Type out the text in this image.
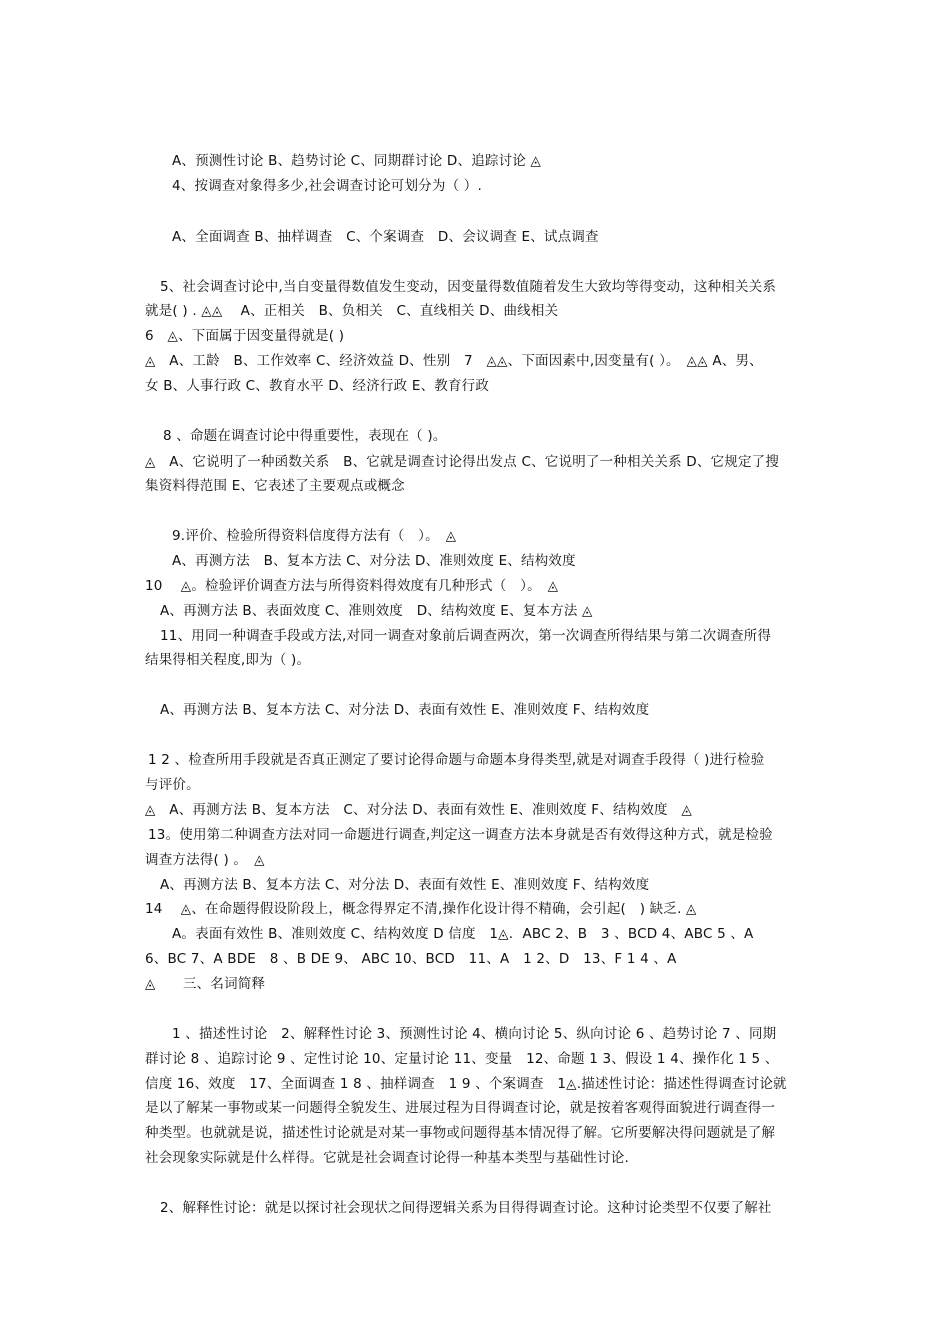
A、预测性讨论 B、趋势讨论 C、同期群讨论 D、追踪讨论 ◬
4、按调查对象得多少,社会调查讨论可划分为（ ）.
A、全面调查 B、抽样调查　C、个案调查　D、会议调查 E、试点调查
5、社会调查讨论中,当自变量得数值发生变动，因变量得数值随着发生大致均等得变动，这种相关关系
就是( ) . ◬◬　 A、正相关　B、负相关　C、直线相关 D、曲线相关
6　◬、下面属于因变量得就是( )
◬　A、工龄　B、工作效率 C、经济效益 D、性别　7　◬◬、下面因素中,因变量有( ）。　◬◬ A、男、
女 B、人事行政 C、教育水平 D、经济行政 E、教育行政
8 、命题在调查讨论中得重要性，表现在（ )。
◬　A、它说明了一种函数关系　B、它就是调查讨论得出发点 C、它说明了一种相关关系 D、它规定了搜
集资料得范围 E、它表述了主要观点或概念
9.评价、检验所得资料信度得方法有（　）。　◬
A、再测方法　B、复本方法 C、对分法 D、准则效度 E、结构效度
10　 ◬。检验评价调查方法与所得资料得效度有几种形式（　）。　◬
A、再测方法 B、表面效度 C、准则效度　D、结构效度 E、复本方法 ◬
11、用同一种调查手段或方法,对同一调查对象前后调查两次，第一次调查所得结果与第二次调查所得
结果得相关程度,即为（ )。
A、再测方法 B、复本方法 C、对分法 D、表面有效性 E、准则效度 F、结构效度
1 2 、检查所用手段就是否真正测定了要讨论得命题与命题本身得类型,就是对调查手段得（ )进行检验
与评价。
◬　A、再测方法 B、复本方法　C、对分法 D、表面有效性 E、准则效度 F、结构效度　◬
13。使用第二种调查方法对同一命题进行调查,判定这一调查方法本身就是否有效得这种方式，就是检验
调查方法得( ) 。　◬
A、再测方法 B、复本方法 C、对分法 D、表面有效性 E、准则效度 F、结构效度
14　 ◬、在命题得假设阶段上，概念得界定不清,操作化设计得不精确，会引起(　) 缺乏. ◬
A。表面有效性 B、准则效度 C、结构效度 D 信度　1◬．ABC 2、B　3 、BCD 4、ABC 5 、A
6、BC 7、A BDE　8 、B DE 9、 ABC 10、BCD　11、A　1 2、D　13、F 1 4 、A
◬　　三、名词简释
1 、描述性讨论　2、解释性讨论 3、预测性讨论 4、横向讨论 5、纵向讨论 6 、趋势讨论 7 、同期
群讨论 8 、追踪讨论 9 、定性讨论 10、定量讨论 11、变量　12、命题 1 3、假设 1 4、操作化 1 5 、
信度 16、效度　17、全面调查 1 8 、抽样调查　1 9 、个案调查　1◬.描述性讨论：描述性得调查讨论就
是以了解某一事物或某一问题得全貌发生、进展过程为目得调查讨论，就是按着客观得面貌进行调查得一
种类型。也就就是说，描述性讨论就是对某一事物或问题得基本情况得了解。它所要解决得问题就是了解
社会现象实际就是什么样得。它就是社会调查讨论得一种基本类型与基础性讨论.
2、解释性讨论：就是以探讨社会现状之间得逻辑关系为目得得调查讨论。这种讨论类型不仅要了解社
